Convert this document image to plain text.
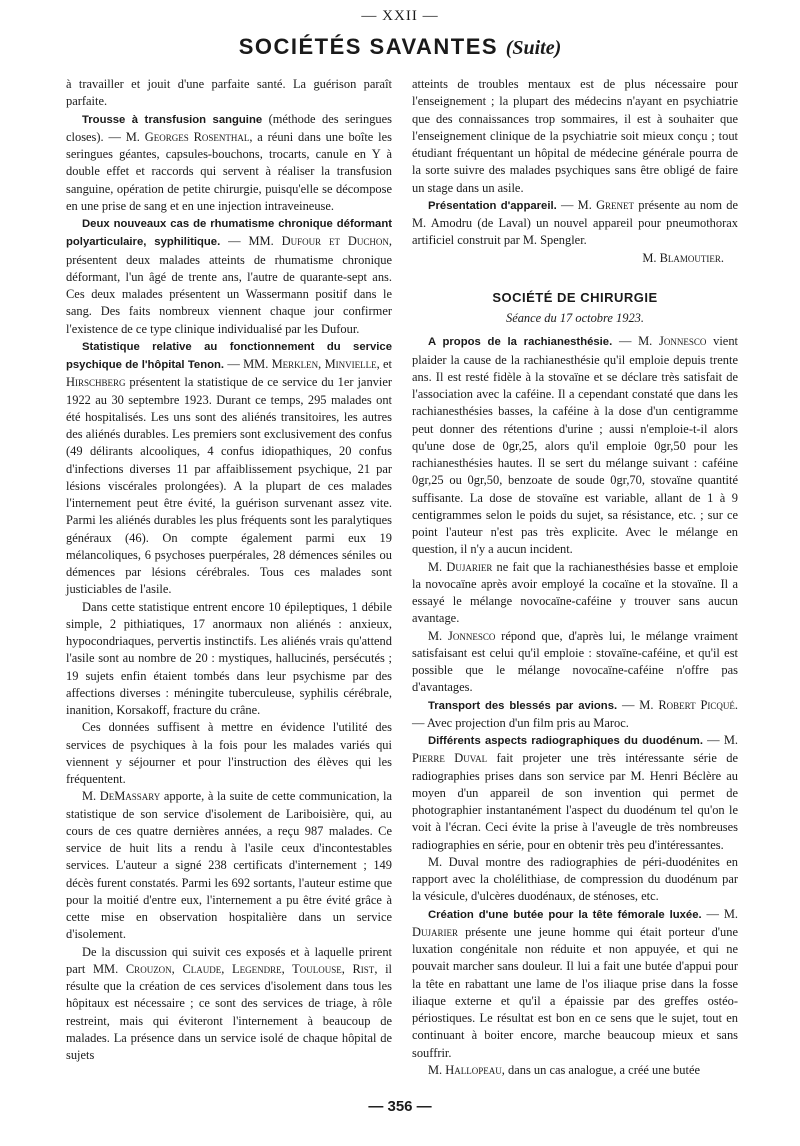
— XXII —
SOCIÉTÉS SAVANTES (Suite)

à travailler et jouit d'une parfaite santé. La guérison paraît parfaite.

Trousse à transfusion sanguine (méthode des seringues closes). — M. Georges Rosenthal, a réuni dans une boîte les seringues géantes, capsules-bouchons, trocarts, canule en Y à double effet et raccords qui servent à réaliser la transfusion sanguine, opération de petite chirurgie, puisqu'elle se décompose en une prise de sang et en une injection intraveineuse.

Deux nouveaux cas de rhumatisme chronique déformant polyarticulaire, syphilitique. — MM. Dufour et Duchon, présentent deux malades atteints de rhumatisme chronique déformant, l'un âgé de trente ans, l'autre de quarante-sept ans. Ces deux malades présentent un Wassermann positif dans le sang. Des faits nombreux viennent chaque jour confirmer l'existence de ce type clinique individualisé par les Dufour.

Statistique relative au fonctionnement du service psychique de l'hôpital Tenon. — MM. Merklen, Minvielle, et Hirschberg présentent la statistique de ce service du 1er janvier 1922 au 30 septembre 1923. Durant ce temps, 295 malades ont été hospitalisés. Les uns sont des aliénés transitoires, les autres des aliénés durables. Les premiers sont exclusivement des confus (49 délirants alcooliques, 4 confus idiopathiques, 20 confus d'infections diverses 11 par affaiblissement psychique, 21 par lésions viscérales prolongées). A la plupart de ces malades l'internement peut être évité, la guérison survenant assez vite. Parmi les aliénés durables les plus fréquents sont les paralytiques généraux (46). On compte également parmi eux 19 mélancoliques, 6 psychoses puerpérales, 28 démences séniles ou démences par lésions cérébrales. Tous ces malades sont justiciables de l'asile.

Dans cette statistique entrent encore 10 épileptiques, 1 débile simple, 2 pithiatiques, 17 anormaux non aliénés : anxieux, hypocondriaques, pervertis instinctifs. Les aliénés vrais qu'attend l'asile sont au nombre de 20 : mystiques, hallucinés, persécutés ; 19 sujets enfin étaient tombés dans leur psychisme par des affections diverses : méningite tuberculeuse, syphilis cérébrale, inanition, Korsakoff, fracture du crâne.

Ces données suffisent à mettre en évidence l'utilité des services de psychiques à la fois pour les malades variés qui viennent y séjourner et pour l'instruction des élèves qui les fréquentent.

M. DeMassary apporte, à la suite de cette communication, la statistique de son service d'isolement de Lariboisière, qui, au cours de ces quatre dernières années, a reçu 987 malades. Ce service de huit lits a rendu à l'asile ceux d'incontestables services. L'auteur a signé 238 certificats d'internement ; 149 décès furent constatés. Parmi les 692 sortants, l'auteur estime que pour la moitié d'entre eux, l'internement a pu être évité grâce à cette mise en observation hospitalière dans un service d'isolement.

De la discussion qui suivit ces exposés et à laquelle prirent part MM. Crouzon, Claude, Legendre, Toulouse, Rist, il résulte que la création de ces services d'isolement dans tous les hôpitaux est nécessaire ; ce sont des services de triage, à rôle restreint, mais qui éviteront l'internement à beaucoup de malades. La présence dans un service isolé de chaque hôpital de sujets

atteints de troubles mentaux est de plus nécessaire pour l'enseignement ; la plupart des médecins n'ayant en psychiatrie que des connaissances trop sommaires, il est à souhaiter que l'enseignement clinique de la psychiatrie soit mieux conçu ; tout étudiant fréquentant un hôpital de médecine générale pourra de la sorte suivre des malades psychiques sans être obligé de faire un stage dans un asile.

Présentation d'appareil. — M. Grenet présente au nom de M. Amodru (de Laval) un nouvel appareil pour pneumothorax artificiel construit par M. Spengler.

M. Blamoutier.

SOCIÉTÉ DE CHIRURGIE
Séance du 17 octobre 1923.

A propos de la rachianesthésie. — M. Jonnesco vient plaider la cause de la rachianesthésie qu'il emploie depuis trente ans. Il est resté fidèle à la stovaïne et se déclare très satisfait de l'association avec la caféine. Il a cependant constaté que dans les rachianesthésies basses, la caféine à la dose d'un centigramme peut donner des rétentions d'urine ; aussi n'emploie-t-il alors qu'une dose de 0gr,25, alors qu'il emploie 0gr,50 pour les rachianesthésies hautes. Il se sert du mélange suivant : caféine 0gr,25 ou 0gr,50, benzoate de soude 0gr,70, stovaïne quantité suffisante. La dose de stovaïne est variable, allant de 1 à 9 centigrammes selon le poids du sujet, sa résistance, etc. ; sur ce point l'auteur n'est pas très explicite. Avec le mélange en question, il n'y a aucun incident.

M. Dujarier ne fait que la rachianesthésies basse et emploie la novocaïne après avoir employé la cocaïne et la stovaïne. Il a essayé le mélange novocaïne-caféine y trouver sans aucun avantage.

M. Jonnesco répond que, d'après lui, le mélange vraiment satisfaisant est celui qu'il emploie : stovaïne-caféine, et qu'il est possible que le mélange novocaïne-caféine n'offre pas d'avantages.

Transport des blessés par avions. — M. Robert Picqué. — Avec projection d'un film pris au Maroc.

Différents aspects radiographiques du duodénum. — M. Pierre Duval fait projeter une très intéressante série de radiographies prises dans son service par M. Henri Béclère au moyen d'un appareil de son invention qui permet de photographier instantanément l'aspect du duodénum tel qu'on le voit à l'écran. Ceci évite la prise à l'aveugle de très nombreuses radiographies en série, pour en obtenir très peu d'intéressantes.

M. Duval montre des radiographies de péri-duodénites en rapport avec la cholélithiase, de compression du duodénum par la vésicule, d'ulcères duodénaux, de sténoses, etc.

Création d'une butée pour la tête fémorale luxée. — M. Dujarier présente une jeune homme qui était porteur d'une luxation congénitale non réduite et non appuyée, et qui ne pouvait marcher sans douleur. Il lui a fait une butée d'appui pour la tête en rabattant une lame de l'os iliaque prise dans la fosse iliaque externe et qu'il a épaissie par des greffes ostéo-périostiques. Le résultat est bon en ce sens que le sujet, tout en continuant à boiter encore, marche beaucoup mieux et sans souffrir.

M. Hallopeau, dans un cas analogue, a créé une butée

— 356 —
